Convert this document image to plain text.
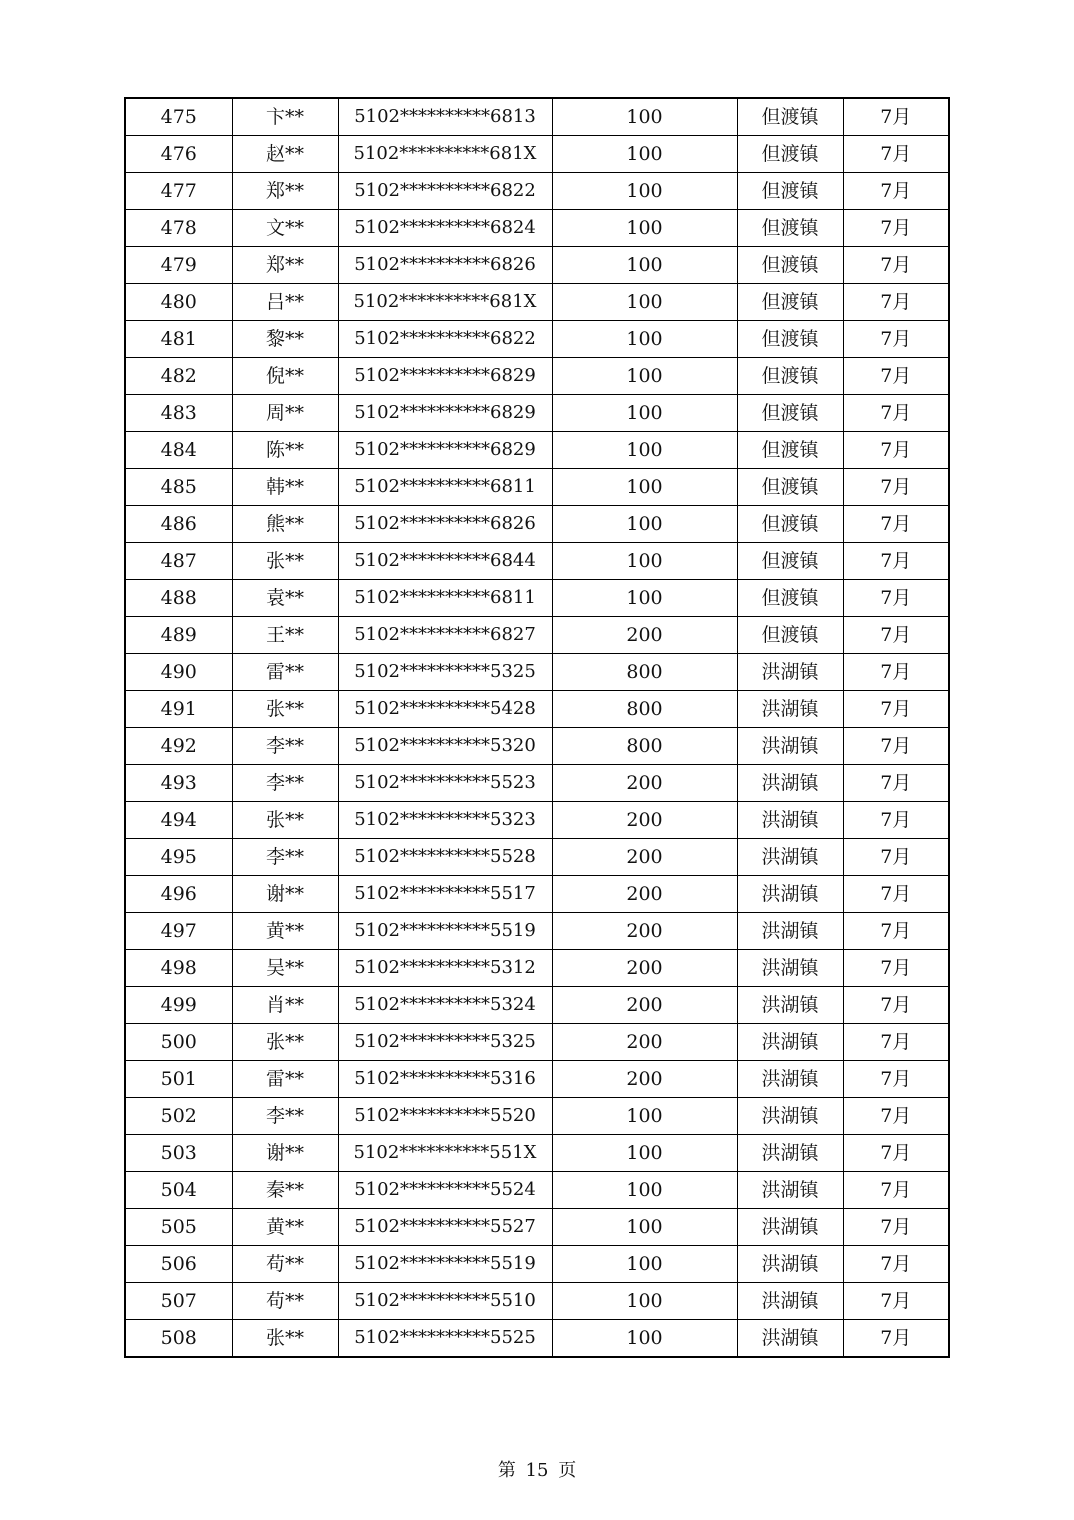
475	卞**	5102**********6813	100	但渡镇	7月
476	赵**	5102**********681X	100	但渡镇	7月
477	郑**	5102**********6822	100	但渡镇	7月
478	文**	5102**********6824	100	但渡镇	7月
479	郑**	5102**********6826	100	但渡镇	7月
480	吕**	5102**********681X	100	但渡镇	7月
481	黎**	5102**********6822	100	但渡镇	7月
482	倪**	5102**********6829	100	但渡镇	7月
483	周**	5102**********6829	100	但渡镇	7月
484	陈**	5102**********6829	100	但渡镇	7月
485	韩**	5102**********6811	100	但渡镇	7月
486	熊**	5102**********6826	100	但渡镇	7月
487	张**	5102**********6844	100	但渡镇	7月
488	袁**	5102**********6811	100	但渡镇	7月
489	王**	5102**********6827	200	但渡镇	7月
490	雷**	5102**********5325	800	洪湖镇	7月
491	张**	5102**********5428	800	洪湖镇	7月
492	李**	5102**********5320	800	洪湖镇	7月
493	李**	5102**********5523	200	洪湖镇	7月
494	张**	5102**********5323	200	洪湖镇	7月
495	李**	5102**********5528	200	洪湖镇	7月
496	谢**	5102**********5517	200	洪湖镇	7月
497	黄**	5102**********5519	200	洪湖镇	7月
498	吴**	5102**********5312	200	洪湖镇	7月
499	肖**	5102**********5324	200	洪湖镇	7月
500	张**	5102**********5325	200	洪湖镇	7月
501	雷**	5102**********5316	200	洪湖镇	7月
502	李**	5102**********5520	100	洪湖镇	7月
503	谢**	5102**********551X	100	洪湖镇	7月
504	秦**	5102**********5524	100	洪湖镇	7月
505	黄**	5102**********5527	100	洪湖镇	7月
506	苟**	5102**********5519	100	洪湖镇	7月
507	苟**	5102**********5510	100	洪湖镇	7月
508	张**	5102**********5525	100	洪湖镇	7月
第 15 页
